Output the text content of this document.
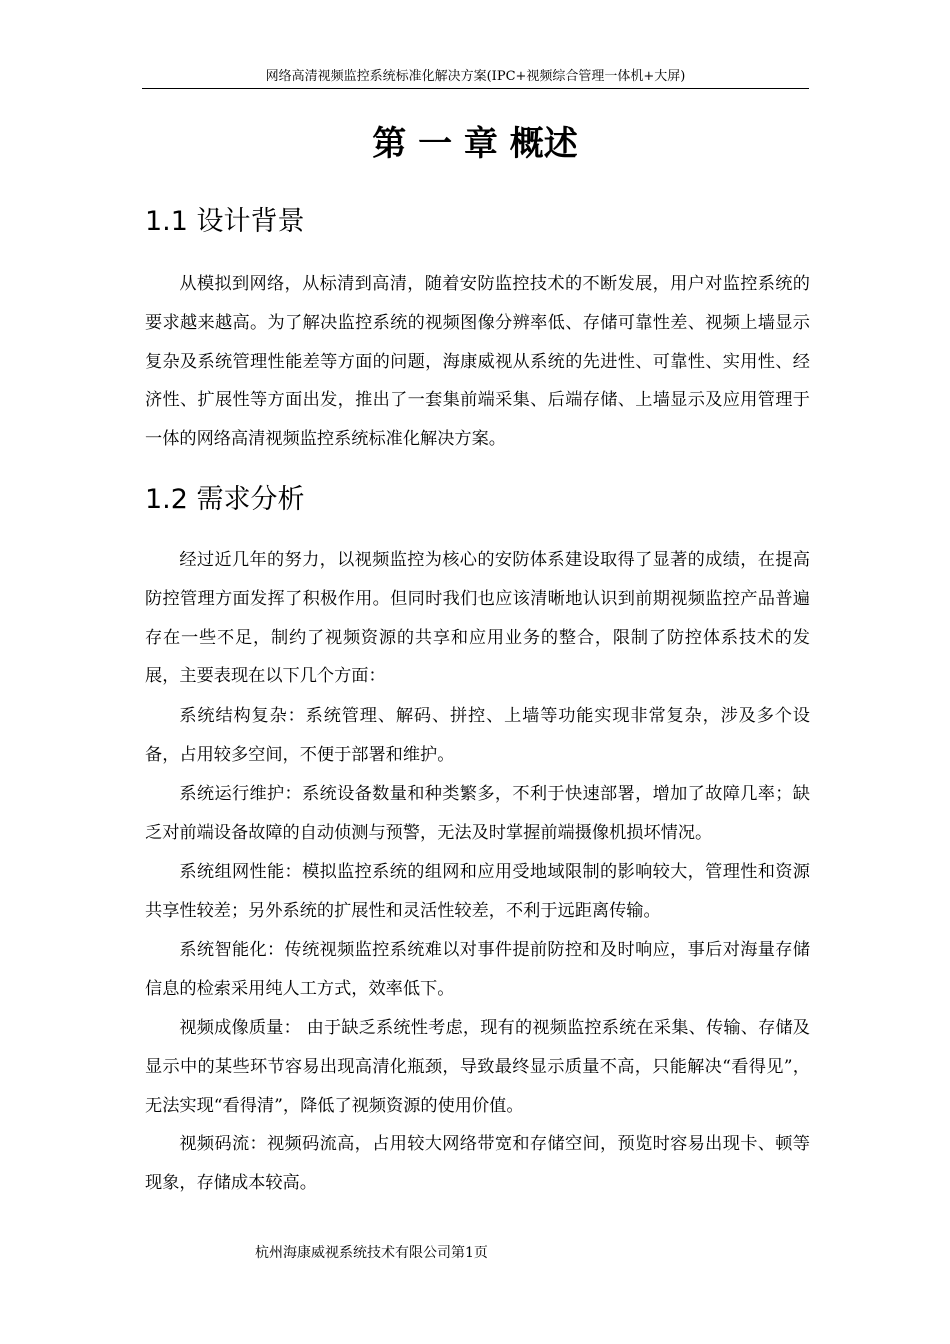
网络高清视频监控系统标准化解决方案(IPC+视频综合管理一体机+大屏)
第 一 章 概述
1.1 设计背景

从模拟到网络，从标清到高清，随着安防监控技术的不断发展，用户对监控系统的要求越来越高。为了解决监控系统的视频图像分辨率低、存储可靠性差、视频上墙显示复杂及系统管理性能差等方面的问题，海康威视从系统的先进性、可靠性、实用性、经济性、扩展性等方面出发，推出了一套集前端采集、后端存储、上墙显示及应用管理于一体的网络高清视频监控系统标准化解决方案。

1.2 需求分析

经过近几年的努力，以视频监控为核心的安防体系建设取得了显著的成绩，在提高防控管理方面发挥了积极作用。但同时我们也应该清晰地认识到前期视频监控产品普遍存在一些不足，制约了视频资源的共享和应用业务的整合，限制了防控体系技术的发展，主要表现在以下几个方面：

系统结构复杂：系统管理、解码、拼控、上墙等功能实现非常复杂，涉及多个设备，占用较多空间，不便于部署和维护。

系统运行维护：系统设备数量和种类繁多，不利于快速部署，增加了故障几率；缺乏对前端设备故障的自动侦测与预警，无法及时掌握前端摄像机损坏情况。

系统组网性能：模拟监控系统的组网和应用受地域限制的影响较大，管理性和资源共享性较差；另外系统的扩展性和灵活性较差，不利于远距离传输。

系统智能化：传统视频监控系统难以对事件提前防控和及时响应，事后对海量存储信息的检索采用纯人工方式，效率低下。

视频成像质量： 由于缺乏系统性考虑，现有的视频监控系统在采集、传输、存储及显示中的某些环节容易出现高清化瓶颈，导致最终显示质量不高，只能解决“看得见”，无法实现“看得清”，降低了视频资源的使用价值。

视频码流：视频码流高，占用较大网络带宽和存储空间，预览时容易出现卡、顿等现象，存储成本较高。

杭州海康威视系统技术有限公司第1页
